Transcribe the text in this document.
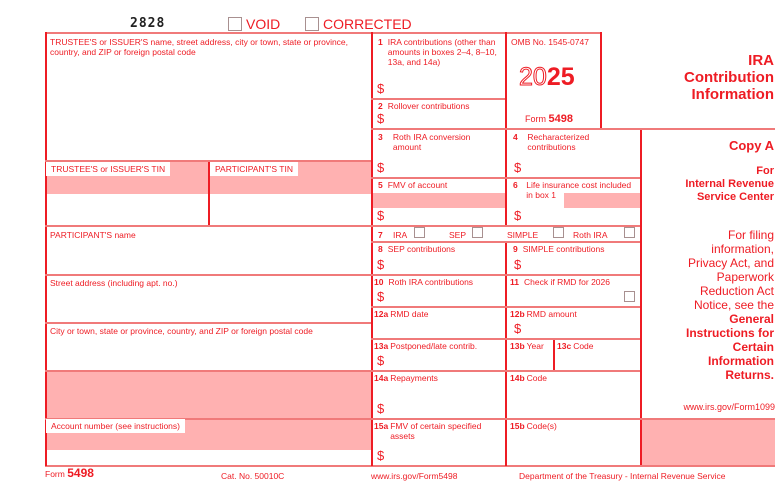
2828	VOID	CORRECTED
TRUSTEE'S or ISSUER'S name, street address, city or town, state or province, country, and ZIP or foreign postal code
TRUSTEE'S or ISSUER'S TIN	PARTICIPANT'S TIN
PARTICIPANT'S name
Street address (including apt. no.)
City or town, state or province, country, and ZIP or foreign postal code
Account number (see instructions)
1 IRA contributions (other than amounts in boxes 2–4, 8–10, 13a, and 14a)
$
2 Rollover contributions
$
OMB No. 1545-0747
2025
Form 5498
3	Roth IRA conversion amount
$
4	Recharacterized contributions
$
5 FMV of account
$
6	Life insurance cost included in box 1
$
7 IRA	SEP	SIMPLE	Roth IRA
8 SEP contributions
$
9 SIMPLE contributions
$
10 Roth IRA contributions
$
11 Check if RMD for 2026
12a RMD date	12b RMD amount
$
13a Postponed/late contrib.
$
13b Year 13c Code
14a Repayments
$
14b Code
15a FMV of certain specified assets
$
15b Code(s)
IRA
Contribution
Information
Copy A
For
Internal Revenue
Service Center
For filing
information,
Privacy Act, and
Paperwork
Reduction Act
Notice, see the
General
Instructions for
Certain
Information
Returns.
www.irs.gov/Form1099
Form 5498	Cat. No. 50010C	www.irs.gov/Form5498	Department of the Treasury - Internal Revenue Service
